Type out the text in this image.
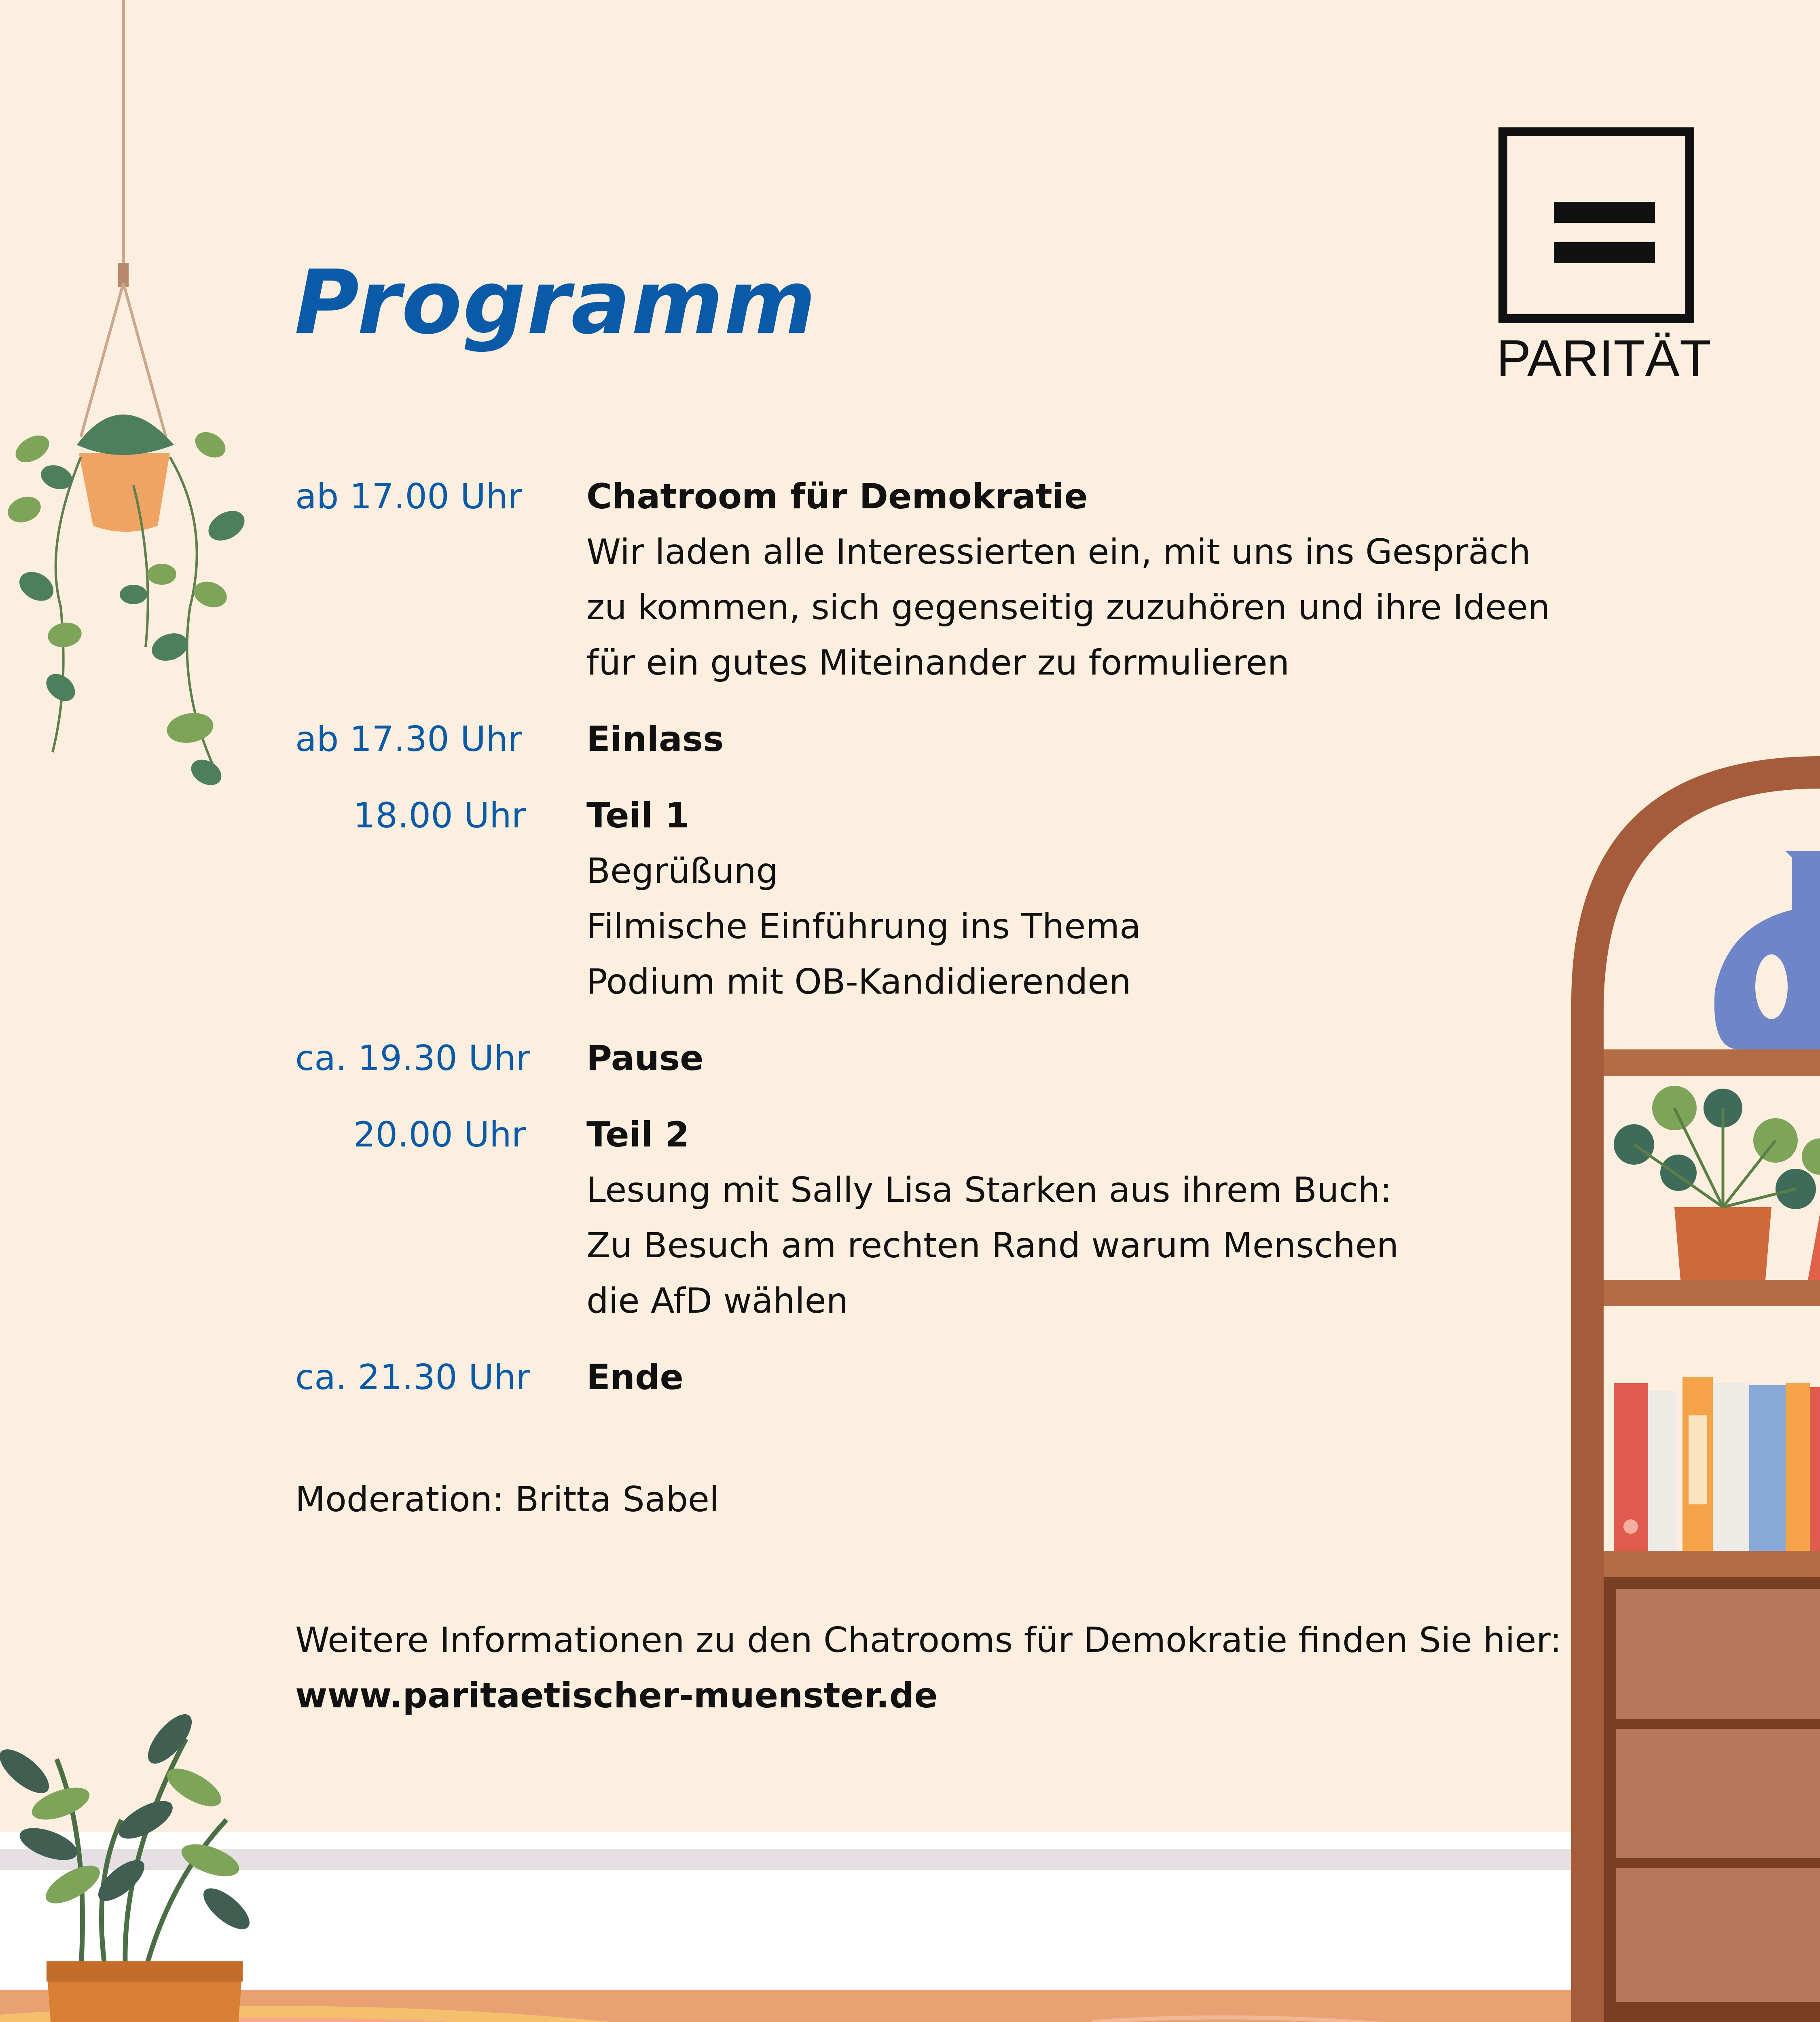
Programm
PARITÄT
ab 17.00 Uhr Chatroom für Demokratie
Wir laden alle Interessierten ein, mit uns ins Gespräch
zu kommen, sich gegenseitig zuzuhören und ihre Ideen
für ein gutes Miteinander zu formulieren
ab 17.30 Uhr Einlass
18.00 Uhr Teil 1
Begrüßung
Filmische Einführung ins Thema
Podium mit OB-Kandidierenden
ca. 19.30 Uhr Pause
20.00 Uhr Teil 2
Lesung mit Sally Lisa Starken aus ihrem Buch:
Zu Besuch am rechten Rand warum Menschen
die AfD wählen
ca. 21.30 Uhr Ende
Moderation: Britta Sabel
Weitere Informationen zu den Chatrooms für Demokratie finden Sie hier:
www.paritaetischer-muenster.de
